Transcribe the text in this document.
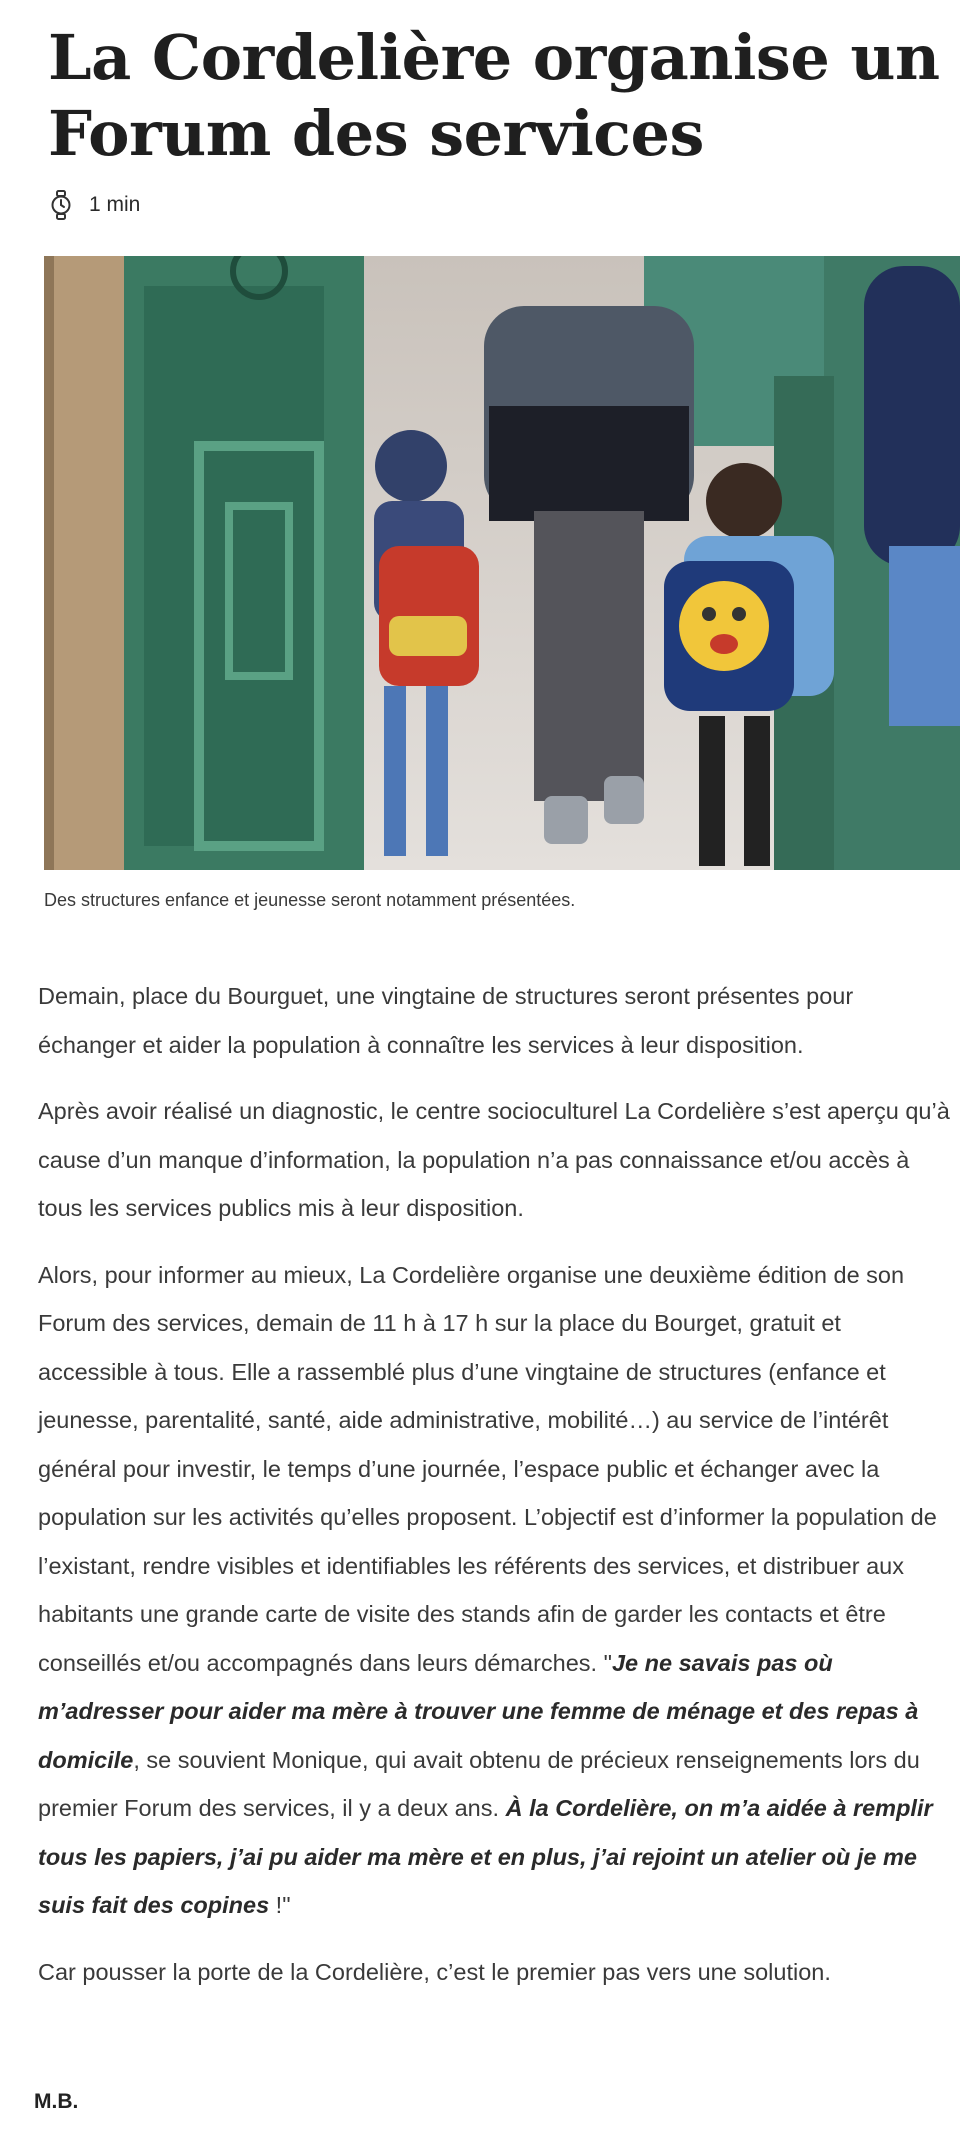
La Cordelière organise un Forum des services
1 min

Des structures enfance et jeunesse seront notamment présentées.

Demain, place du Bourguet, une vingtaine de structures seront présentes pour échanger et aider la population à connaître les services à leur disposition.

Après avoir réalisé un diagnostic, le centre socioculturel La Cordelière s’est aperçu qu’à cause d’un manque d’information, la population n’a pas connaissance et/ou accès à tous les services publics mis à leur disposition.

Alors, pour informer au mieux, La Cordelière organise une deuxième édition de son Forum des services, demain de 11 h à 17 h sur la place du Bourget, gratuit et accessible à tous. Elle a rassemblé plus d’une vingtaine de structures (enfance et jeunesse, parentalité, santé, aide administrative, mobilité…) au service de l’intérêt général pour investir, le temps d’une journée, l’espace public et échanger avec la population sur les activités qu’elles proposent. L’objectif est d’informer la population de l’existant, rendre visibles et identifiables les référents des services, et distribuer aux habitants une grande carte de visite des stands afin de garder les contacts et être conseillés et/ou accompagnés dans leurs démarches. "Je ne savais pas où m’adresser pour aider ma mère à trouver une femme de ménage et des repas à domicile, se souvient Monique, qui avait obtenu de précieux renseignements lors du premier Forum des services, il y a deux ans. À la Cordelière, on m’a aidée à remplir tous les papiers, j’ai pu aider ma mère et en plus, j’ai rejoint un atelier où je me suis fait des copines !"

Car pousser la porte de la Cordelière, c’est le premier pas vers une solution.

M.B.
